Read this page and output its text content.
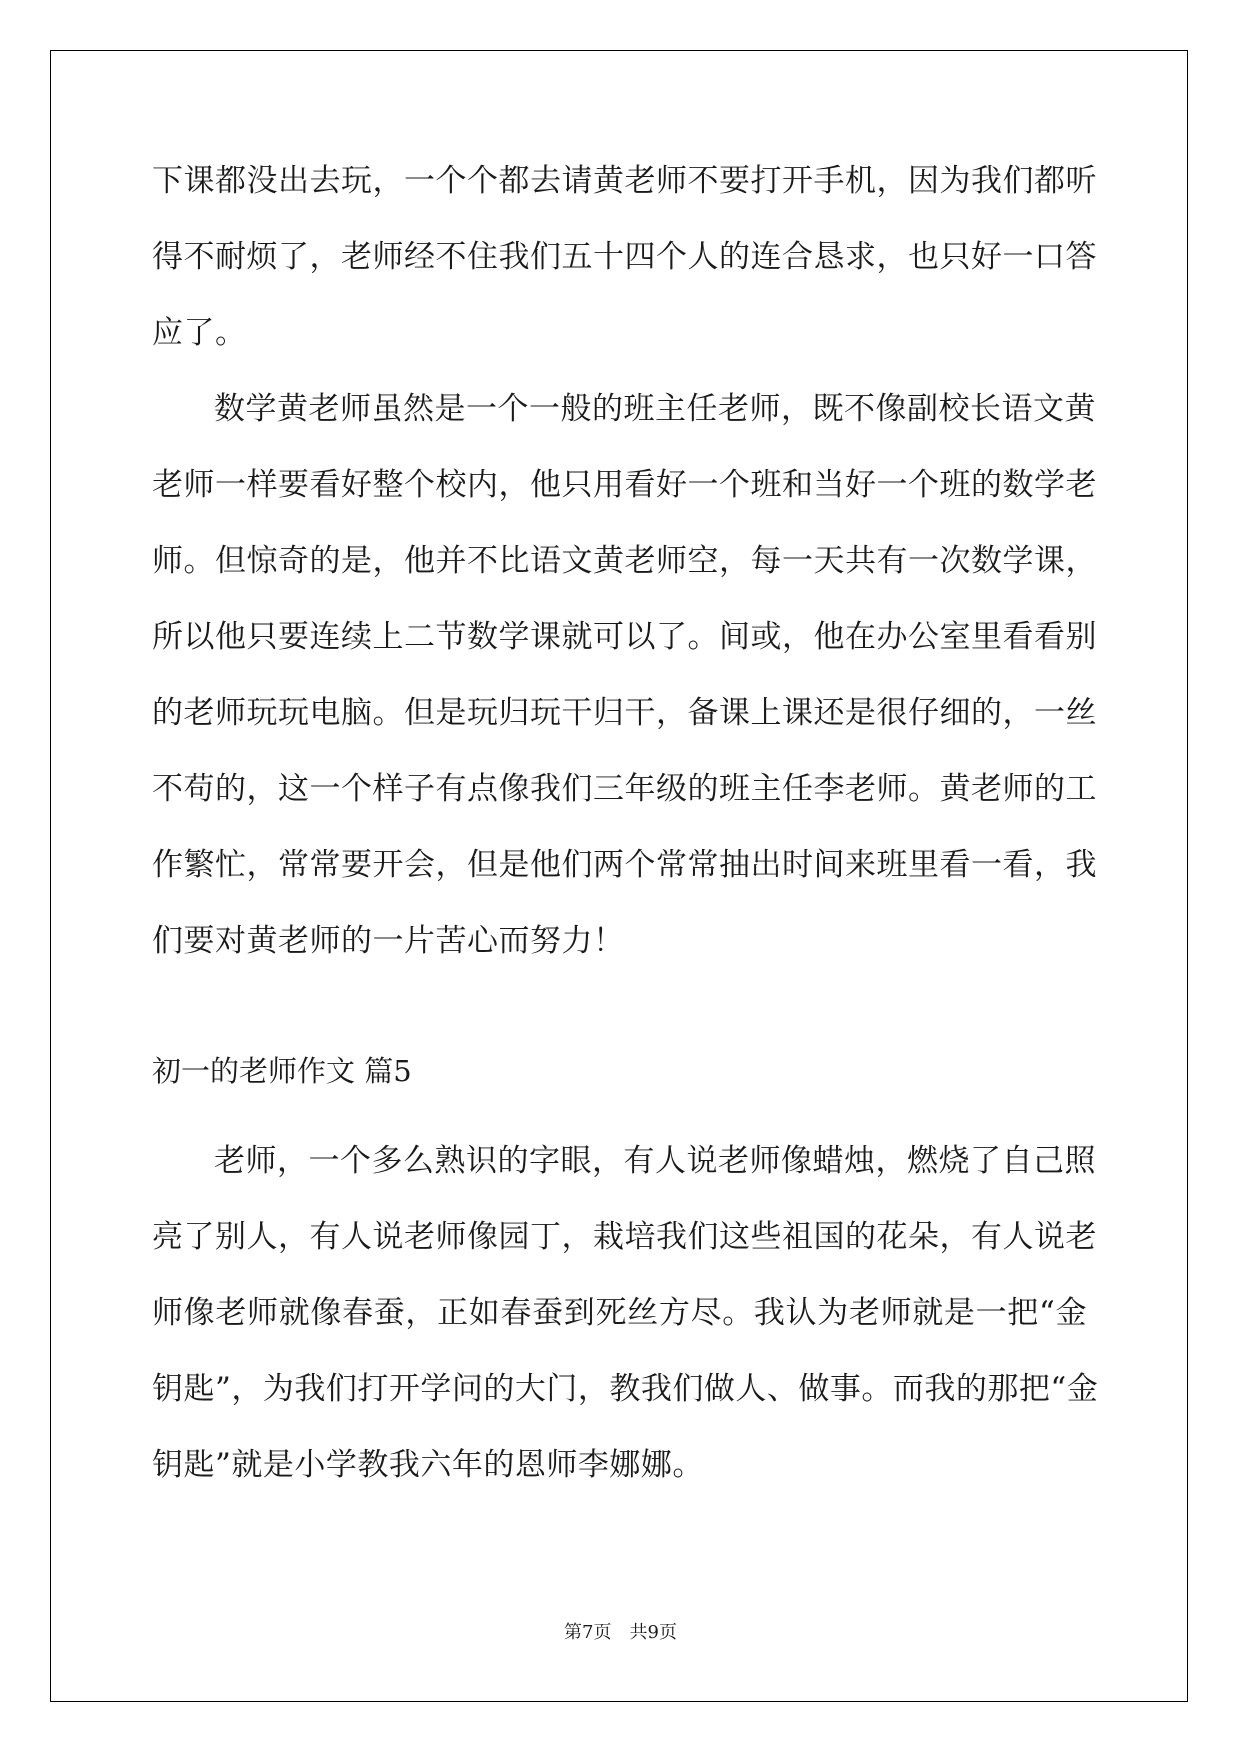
下课都没出去玩，一个个都去请黄老师不要打开手机，因为我们都听
得不耐烦了，老师经不住我们五十四个人的连合恳求，也只好一口答
应了。
数学黄老师虽然是一个一般的班主任老师，既不像副校长语文黄
老师一样要看好整个校内，他只用看好一个班和当好一个班的数学老
师。但惊奇的是，他并不比语文黄老师空，每一天共有一次数学课，
所以他只要连续上二节数学课就可以了。间或，他在办公室里看看别
的老师玩玩电脑。但是玩归玩干归干，备课上课还是很仔细的，一丝
不苟的，这一个样子有点像我们三年级的班主任李老师。黄老师的工
作繁忙，常常要开会，但是他们两个常常抽出时间来班里看一看，我
们要对黄老师的一片苦心而努力！
初一的老师作文 篇5
老师，一个多么熟识的字眼，有人说老师像蜡烛，燃烧了自己照
亮了别人，有人说老师像园丁，栽培我们这些祖国的花朵，有人说老
师像老师就像春蚕，正如春蚕到死丝方尽。我认为老师就是一把“金
钥匙”，为我们打开学问的大门，教我们做人、做事。而我的那把“金
钥匙”就是小学教我六年的恩师李娜娜。
第7页　共9页
